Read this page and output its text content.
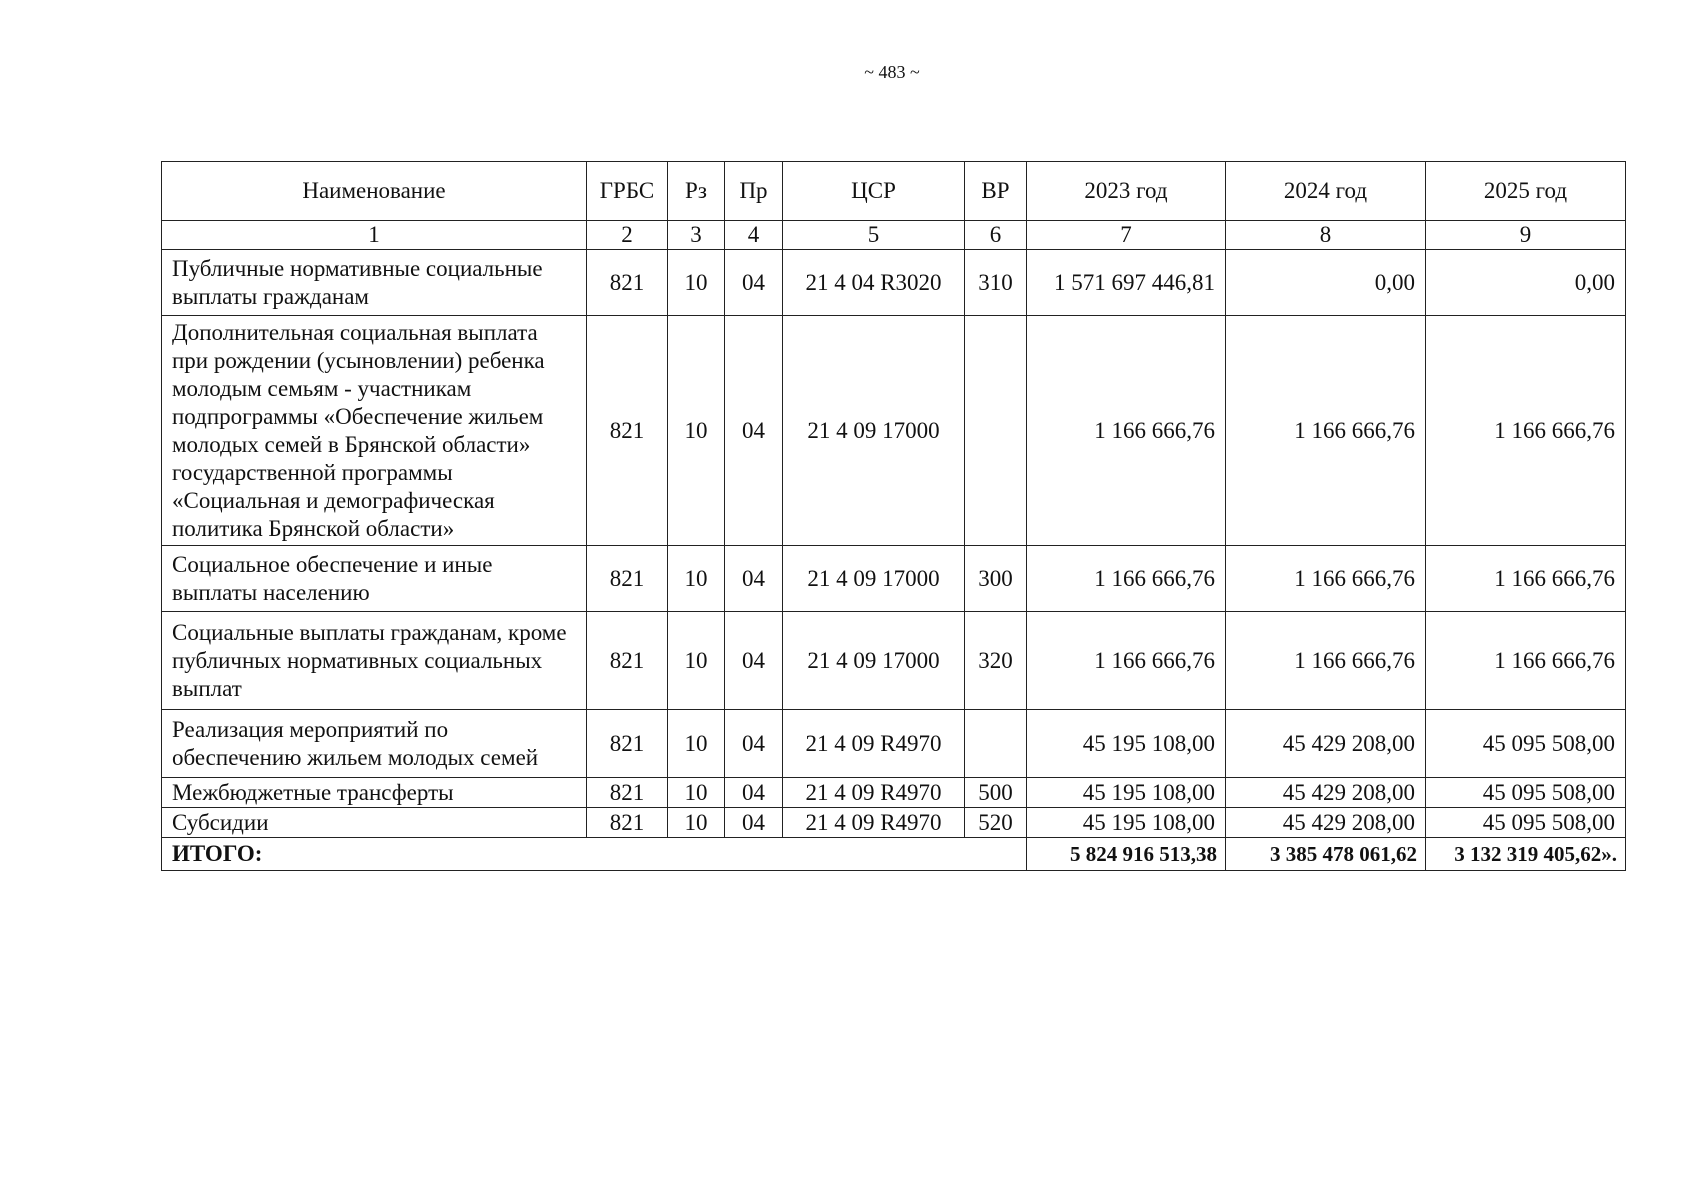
~ 483 ~
Наименование	ГРБС	Рз	Пр	ЦСР	ВР	2023 год	2024 год	2025 год
1	2	3	4	5	6	7	8	9
Публичные нормативные социальные выплаты гражданам	821	10	04	21 4 04 R3020	310	1 571 697 446,81	0,00	0,00
Дополнительная социальная выплата при рождении (усыновлении) ребенка молодым семьям - участникам подпрограммы «Обеспечение жильем молодых семей в Брянской области» государственной программы «Социальная и демографическая политика Брянской области»	821	10	04	21 4 09 17000		1 166 666,76	1 166 666,76	1 166 666,76
Социальное обеспечение и иные выплаты населению	821	10	04	21 4 09 17000	300	1 166 666,76	1 166 666,76	1 166 666,76
Социальные выплаты гражданам, кроме публичных нормативных социальных выплат	821	10	04	21 4 09 17000	320	1 166 666,76	1 166 666,76	1 166 666,76
Реализация мероприятий по обеспечению жильем молодых семей	821	10	04	21 4 09 R4970		45 195 108,00	45 429 208,00	45 095 508,00
Межбюджетные трансферты	821	10	04	21 4 09 R4970	500	45 195 108,00	45 429 208,00	45 095 508,00
Субсидии	821	10	04	21 4 09 R4970	520	45 195 108,00	45 429 208,00	45 095 508,00
ИТОГО:						5 824 916 513,38	3 385 478 061,62	3 132 319 405,62».
